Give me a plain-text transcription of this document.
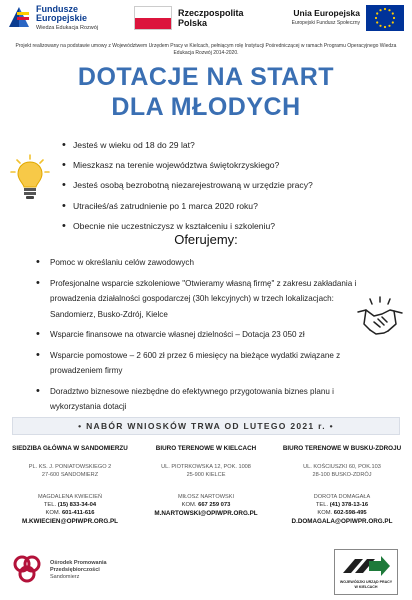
Fundusze
Europejskie
Wiedza Edukacja Rozwój
Rzeczpospolita
Polska
Unia Europejska
Europejski Fundusz Społeczny
Projekt realizowany na podstawie umowy z Województwem Urzędem Pracy w Kielcach, pełniącym rolę Instytucji Pośredniczącej w ramach Programu Operacyjnego Wiedza Edukacja Rozwój 2014-2020.
DOTACJE NA START
DLA MŁODYCH
• Jesteś w wieku od 18 do 29 lat?
• Mieszkasz na terenie województwa świętokrzyskiego?
• Jesteś osobą bezrobotną niezarejestrowaną w urzędzie pracy?
• Utraciłeś/aś zatrudnienie po 1 marca 2020 roku?
• Obecnie nie uczestniczysz w kształceniu i szkoleniu?
Oferujemy:
• Pomoc w określaniu celów zawodowych
• Profesjonalne wsparcie szkoleniowe "Otwieramy własną firmę" z zakresu zakładania i prowadzenia działalności gospodarczej (30h lekcyjnych) w trzech lokalizacjach: Sandomierz, Busko-Zdrój, Kielce
• Wsparcie finansowe na otwarcie własnej dzielności – Dotacja 23 050 zł
• Wsparcie pomostowe – 2 600 zł przez 6 miesięcy na bieżące wydatki związane z prowadzeniem firmy
• Doradztwo biznesowe niezbędne do efektywnego przygotowania biznes planu i wykorzystania dotacji
• NABÓR WNIOSKÓW TRWA OD LUTEGO 2021 r. •
SIEDZIBA GŁÓWNA W SANDOMIERZU
PL. KS. J. PONIATOWSKIEGO 2
27-600 SANDOMIERZ
MAGDALENA KWIECIEŃ
TEL. (15) 833-34-04
KOM. 601-411-616
M.KWIECIEN@OPIWPR.ORG.PL
BIURO TERENOWE W KIELCACH
UL. PIOTRKOWSKA 12, POK. 1008
25-900 KIELCE
MIŁOSZ NARTOWSKI
KOM. 667 259 073
M.NARTOWSKI@OPIWPR.ORG.PL
BIURO TERENOWE W BUSKU-ZDROJU
UL. KOŚCIUSZKI 60, POK.103
28-100 BUSKO-ZDRÓJ
DOROTA DOMAGAŁA
TEL. (41) 378-13-16
KOM. 602-598-495
D.DOMAGALA@OPIWPR.ORG.PL
Ośrodek Promowania
Przedsiębiorczości
Sandomierz
WOJEWÓDZKI URZĄD PRACY
W KIELCACH
